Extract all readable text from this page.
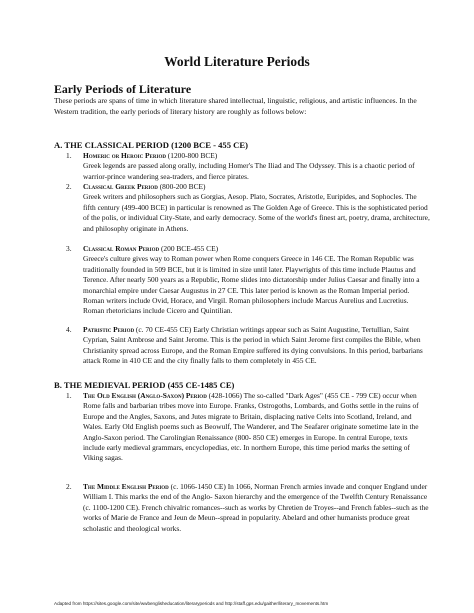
World Literature Periods
Early Periods of Literature
These periods are spans of time in which literature shared intellectual, linguistic, religious, and artistic influences. In the Western tradition, the early periods of literary history are roughly as follows below:
A. THE CLASSICAL PERIOD (1200 BCE - 455 CE)
1.	Homeric or Heroic Period (1200-800 BCE)
Greek legends are passed along orally, including Homer's The Iliad and The Odyssey. This is a chaotic period of warrior-prince wandering sea-traders, and fierce pirates.
2.	Classical Greek Period (800-200 BCE)
Greek writers and philosophers such as Gorgias, Aesop. Plato, Socrates, Aristotle, Euripides, and Sophocles. The fifth century (499-400 BCE) in particular is renowned as The Golden Age of Greece. This is the sophisticated period of the polis, or individual City-State, and early democracy. Some of the world's finest art, poetry, drama, architecture, and philosophy originate in Athens.
3.	Classical Roman Period (200 BCE-455 CE)
Greece's culture gives way to Roman power when Rome conquers Greece in 146 CE. The Roman Republic was traditionally founded in 509 BCE, but it is limited in size until later. Playwrights of this time include Plautus and Terence. After nearly 500 years as a Republic, Rome slides into dictatorship under Julius Caesar and finally into a monarchial empire under Caesar Augustus in 27 CE. This later period is known as the Roman Imperial period. Roman writers include Ovid, Horace, and Virgil. Roman philosophers include Marcus Aurelius and Lucretius. Roman rhetoricians include Cicero and Quintilian.
4.	Patristic Period (c. 70 CE-455 CE) Early Christian writings appear such as Saint Augustine, Tertullian, Saint Cyprian, Saint Ambrose and Saint Jerome. This is the period in which Saint Jerome first compiles the Bible, when Christianity spread across Europe, and the Roman Empire suffered its dying convulsions. In this period, barbarians attack Rome in 410 CE and the city finally falls to them completely in 455 CE.
B. THE MEDIEVAL PERIOD (455 CE-1485 CE)
1.	The Old English (Anglo-Saxon) Period (428-1066) The so-called "Dark Ages" (455 CE - 799 CE) occur when Rome falls and barbarian tribes move into Europe. Franks, Ostrogoths, Lombards, and Goths settle in the ruins of Europe and the Angles, Saxons, and Jutes migrate to Britain, displacing native Celts into Scotland, Ireland, and Wales. Early Old English poems such as Beowulf, The Wanderer, and The Seafarer originate sometime late in the Anglo-Saxon period. The Carolingian Renaissance (800- 850 CE) emerges in Europe. In central Europe, texts include early medieval grammars, encyclopedias, etc. In northern Europe, this time period marks the setting of Viking sagas.
2.	The Middle English Period (c. 1066-1450 CE) In 1066, Norman French armies invade and conquer England under William I. This marks the end of the Anglo- Saxon hierarchy and the emergence of the Twelfth Century Renaissance (c. 1100-1200 CE). French chivalric romances--such as works by Chretien de Troyes--and French fables--such as the works of Marie de France and Jeun de Meun--spread in popularity. Abelard and other humanists produce great scholastic and theological works.
Adapted from https://sites.google.com/site/wwbenglisheducation/literaryperiods and http://staff.gps.edu/gaither/literary_movements.htm
